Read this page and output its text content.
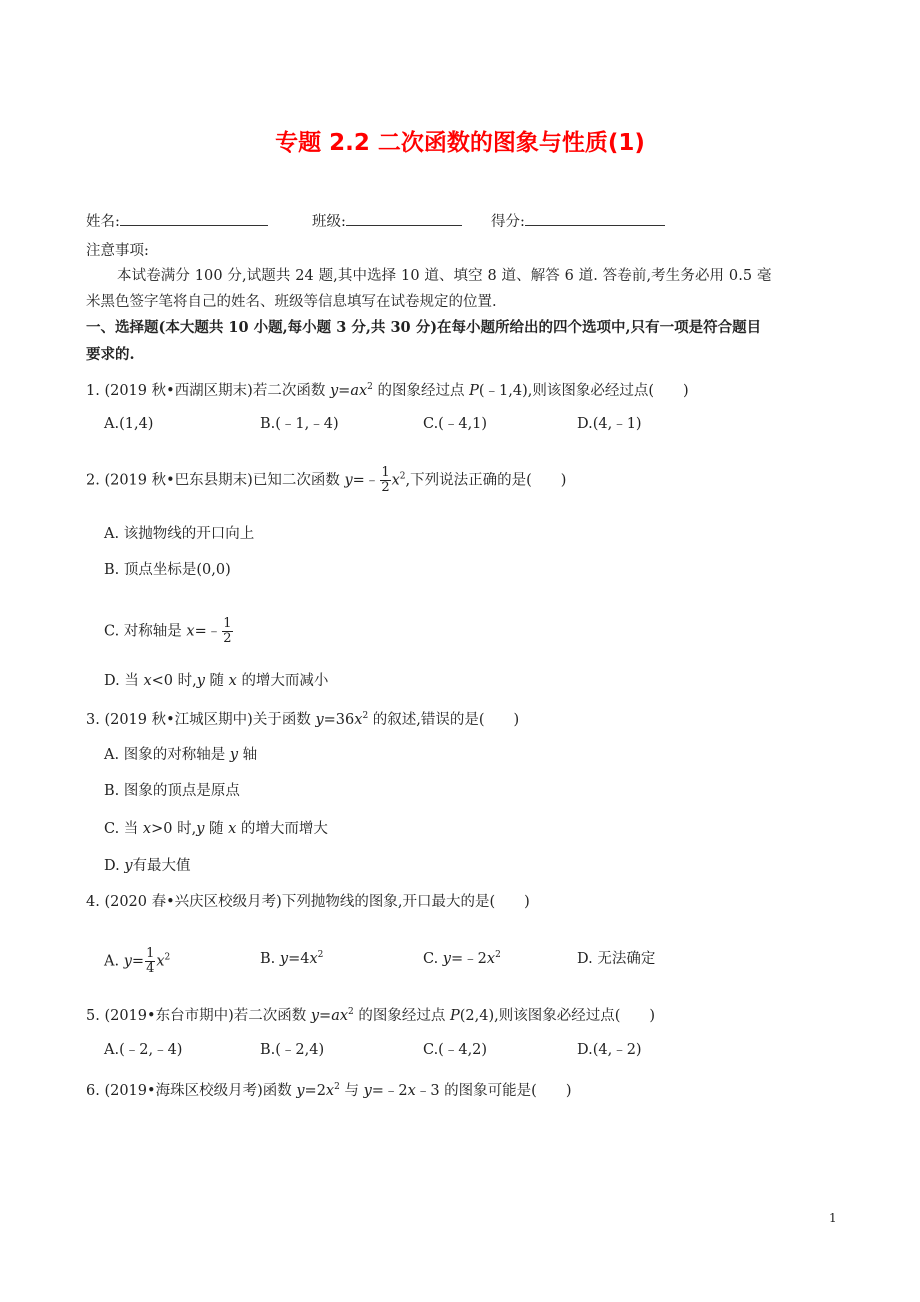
专题 2.2 二次函数的图象与性质(1)
姓名:	班级:	得分:
注意事项:
本试卷满分 100 分,试题共 24 题,其中选择 10 道、填空 8 道、解答 6 道. 答卷前,考生务必用 0.5 毫
米黑色签字笔将自己的姓名、班级等信息填写在试卷规定的位置.
一、选择题(本大题共 10 小题,每小题 3 分,共 30 分)在每小题所给出的四个选项中,只有一项是符合题目
要求的.
1. (2019 秋•西湖区期末)若二次函数 $y=ax^2$ 的图象经过点 P(﹣1,4),则该图象必经过点(　　)
A.(1,4)	B.(﹣1,﹣4)	C.(﹣4,1)	D.(4,﹣1)
2. (2019 秋•巴东县期末)已知二次函数 y=﹣ $\frac{1}{2} x^2$,下列说法正确的是(　　)
A. 该抛物线的开口向上
B. 顶点坐标是(0,0)
C. 对称轴是 x=﹣ $\frac{1}{2}$
D. 当 x<0 时,y 随 x 的增大而减小
3. (2019 秋•江城区期中)关于函数 $y=36x^2$ 的叙述,错误的是(　　)
A. 图象的对称轴是 y 轴
B. 图象的顶点是原点
C. 当 x>0 时,y 随 x 的增大而增大
D. y有最大值
4. (2020 春•兴庆区校级月考)下列抛物线的图象,开口最大的是(　　)
A. $y= \frac{1}{4} x^2$	B. $y=4x^2$	C. $y=﹣2x^2$	D. 无法确定
5. (2019•东台市期中)若二次函数 $y=ax^2$ 的图象经过点 P(2,4),则该图象必经过点(　　)
A.(﹣2,﹣4)	B.(﹣2,4)	C.(﹣4,2)	D.(4,﹣2)
6. (2019•海珠区校级月考)函数 $y=2x^2$ 与 y=﹣2x﹣3 的图象可能是(　　)
1
